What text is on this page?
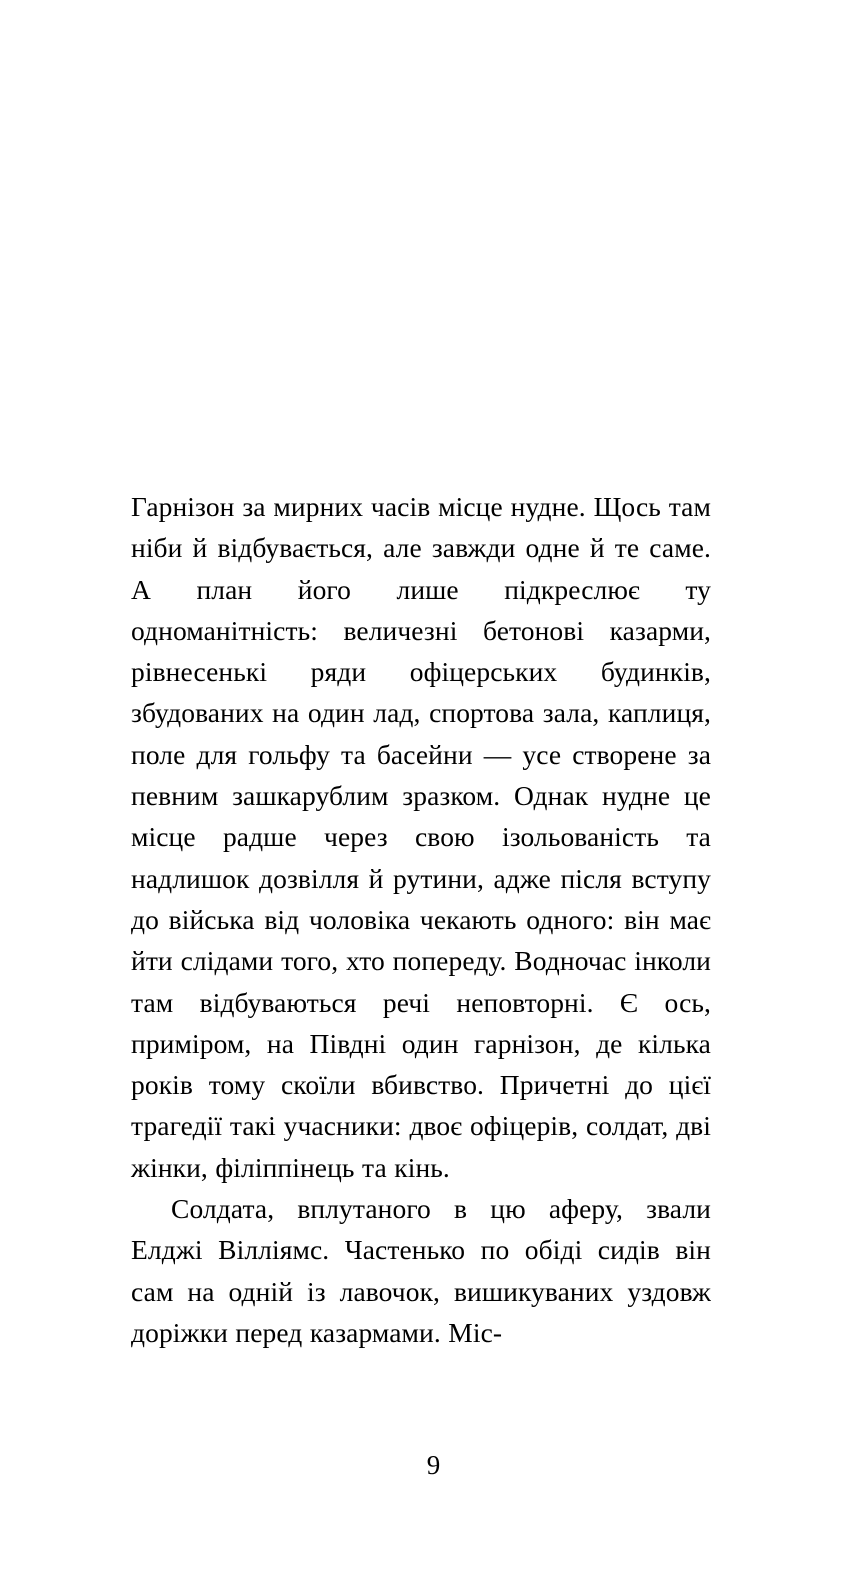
Гарнізон за мирних часів місце нудне. Щось там ніби й відбувається, але завжди одне й те саме. А план його лише підкреслює ту одноманітність: величезні бетонові казарми, рівнесенькі ряди офіцерських будинків, збудованих на один лад, спортова зала, каплиця, поле для гольфу та басейни — усе створене за певним зашкарублим зразком. Однак нудне це місце радше через свою ізольованість та надлишок дозвілля й рутини, адже після вступу до війська від чоловіка чекають одного: він має йти слідами того, хто попереду. Водночас інколи там відбуваються речі неповторні. Є ось, приміром, на Півдні один гарнізон, де кілька років тому скоїли вбивство. Причетні до цієї трагедії такі учасники: двоє офіцерів, солдат, дві жінки, філіппінець та кінь.

Солдата, вплутаного в цю аферу, звали Елджі Вілліямс. Частенько по обіді сидів він сам на одній із лавочок, вишикуваних уздовж доріжки перед казармами. Міс-

9
